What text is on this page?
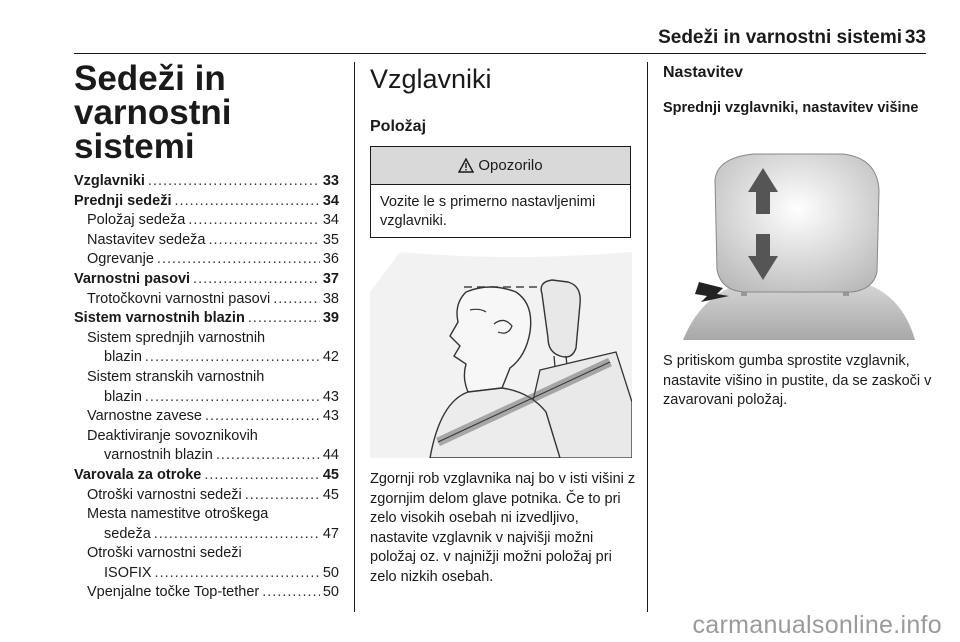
Sedeži in varnostni sistemi 33
Sedeži in varnostni sistemi
Vzglavniki .....	33
Prednji sedeži .....	34
Položaj sedeža .....	34
Nastavitev sedeža .....	35
Ogrevanje .....	36
Varnostni pasovi .....	37
Trotočkovni varnostni pasovi .....	38
Sistem varnostnih blazin .....	39
Sistem sprednjih varnostnih
blazin .....	42
Sistem stranskih varnostnih
blazin .....	43
Varnostne zavese .....	43
Deaktiviranje sovoznikovih
varnostnih blazin .....	44
Varovala za otroke .....	45
Otroški varnostni sedeži .....	45
Mesta namestitve otroškega
sedeža .....	47
Otroški varnostni sedeži
ISOFIX .....	50
Vpenjalne točke Top-tether .....	50
Vzglavniki
Položaj
Opozorilo
Vozite le s primerno nastavljenimi vzglavniki.
Zgornji rob vzglavnika naj bo v isti višini z zgornjim delom glave potnika. Če to pri zelo visokih osebah ni izvedljivo, nastavite vzglavnik v najvišji možni položaj oz. v najnižji možni položaj pri zelo nizkih osebah.
Nastavitev
Sprednji vzglavniki, nastavitev višine
S pritiskom gumba sprostite vzglavnik, nastavite višino in pustite, da se zaskoči v zavarovani položaj.
carmanualsonline.info
